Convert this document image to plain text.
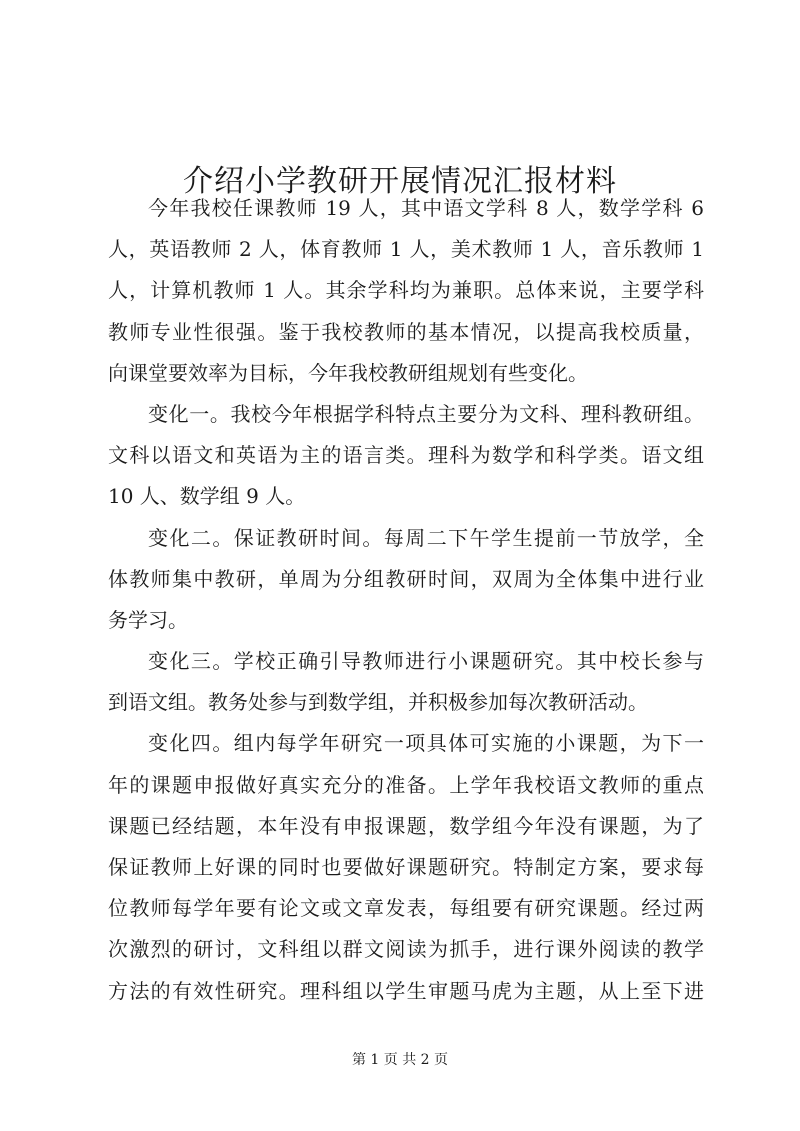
介绍小学教研开展情况汇报材料
今年我校任课教师 19 人，其中语文学科 8 人，数学学科 6
人，英语教师 2 人，体育教师 1 人，美术教师 1 人，音乐教师 1
人，计算机教师 1 人。其余学科均为兼职。总体来说，主要学科
教师专业性很强。鉴于我校教师的基本情况，以提高我校质量，
向课堂要效率为目标，今年我校教研组规划有些变化。
变化一。我校今年根据学科特点主要分为文科、理科教研组。
文科以语文和英语为主的语言类。理科为数学和科学类。语文组
10 人、数学组 9 人。
变化二。保证教研时间。每周二下午学生提前一节放学，全
体教师集中教研，单周为分组教研时间，双周为全体集中进行业
务学习。
变化三。学校正确引导教师进行小课题研究。其中校长参与
到语文组。教务处参与到数学组，并积极参加每次教研活动。
变化四。组内每学年研究一项具体可实施的小课题，为下一
年的课题申报做好真实充分的准备。上学年我校语文教师的重点
课题已经结题，本年没有申报课题，数学组今年没有课题，为了
保证教师上好课的同时也要做好课题研究。特制定方案，要求每
位教师每学年要有论文或文章发表，每组要有研究课题。经过两
次激烈的研讨，文科组以群文阅读为抓手，进行课外阅读的教学
方法的有效性研究。理科组以学生审题马虎为主题，从上至下进
第 1 页 共 2 页
